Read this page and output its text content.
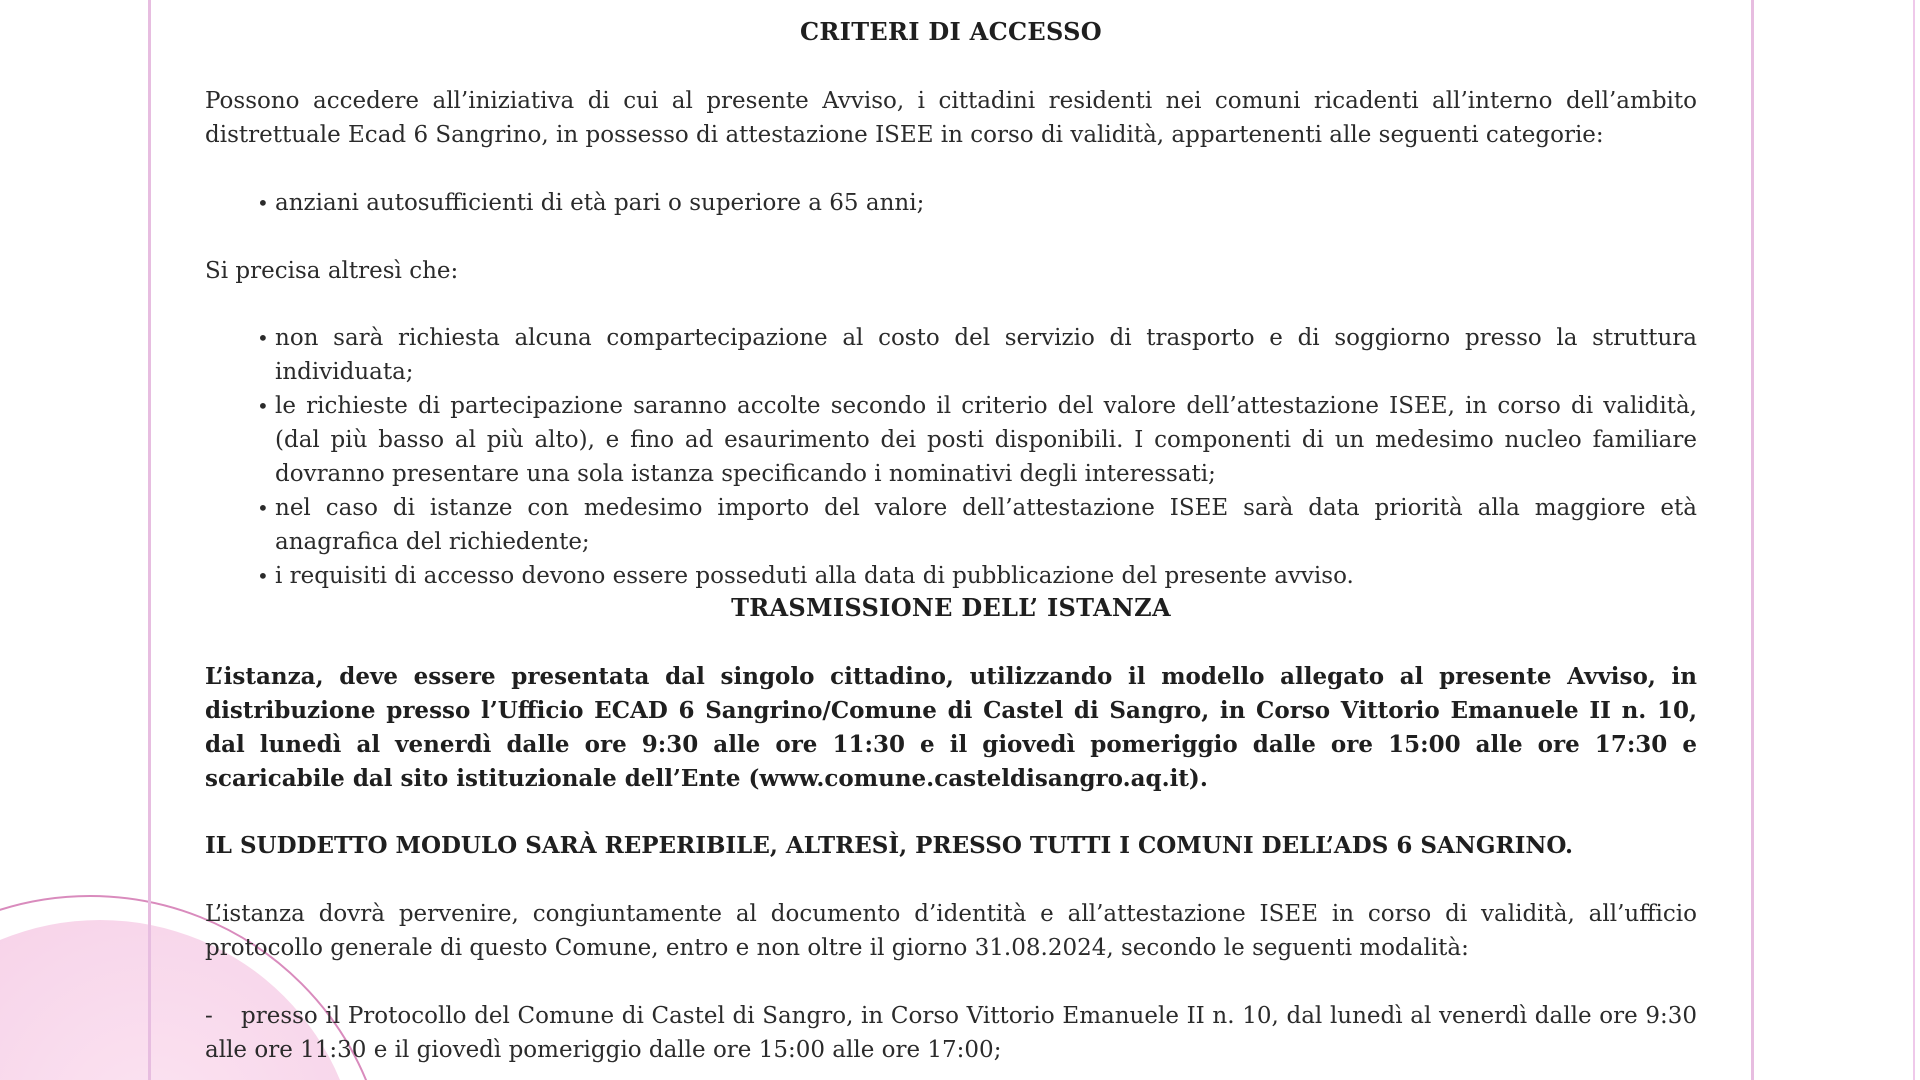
CRITERI DI ACCESSO
Possono accedere all’iniziativa di cui al presente Avviso, i cittadini residenti nei comuni ricadenti all’interno dell’ambito distrettuale Ecad 6 Sangrino, in possesso di attestazione ISEE in corso di validità, appartenenti alle seguenti categorie:
• anziani autosufficienti di età pari o superiore a 65 anni;
Si precisa altresì che:
• non sarà richiesta alcuna compartecipazione al costo del servizio di trasporto e di soggiorno presso la struttura individuata;
• le richieste di partecipazione saranno accolte secondo il criterio del valore dell’attestazione ISEE, in corso di validità, (dal più basso al più alto), e fino ad esaurimento dei posti disponibili. I componenti di un medesimo nucleo familiare dovranno presentare una sola istanza specificando i nominativi degli interessati;
• nel caso di istanze con medesimo importo del valore dell’attestazione ISEE sarà data priorità alla maggiore età anagrafica del richiedente;
• i requisiti di accesso devono essere posseduti alla data di pubblicazione del presente avviso.
TRASMISSIONE DELL’ ISTANZA
L’istanza, deve essere presentata dal singolo cittadino, utilizzando il modello allegato al presente Avviso, in distribuzione presso l’Ufficio ECAD 6 Sangrino/Comune di Castel di Sangro, in Corso Vittorio Emanuele II n. 10, dal lunedì al venerdì dalle ore 9:30 alle ore 11:30 e il giovedì pomeriggio dalle ore 15:00 alle ore 17:30 e scaricabile dal sito istituzionale dell’Ente (www.comune.casteldisangro.aq.it).
IL SUDDETTO MODULO SARÀ REPERIBILE, ALTRESÌ, PRESSO TUTTI I COMUNI DELL’ADS 6 SANGRINO.
L’istanza dovrà pervenire, congiuntamente al documento d’identità e all’attestazione ISEE in corso di validità, all’ufficio protocollo generale di questo Comune, entro e non oltre il giorno 31.08.2024, secondo le seguenti modalità:
- presso il Protocollo del Comune di Castel di Sangro, in Corso Vittorio Emanuele II n. 10, dal lunedì al venerdì dalle ore 9:30 alle ore 11:30 e il giovedì pomeriggio dalle ore 15:00 alle ore 17:00;
